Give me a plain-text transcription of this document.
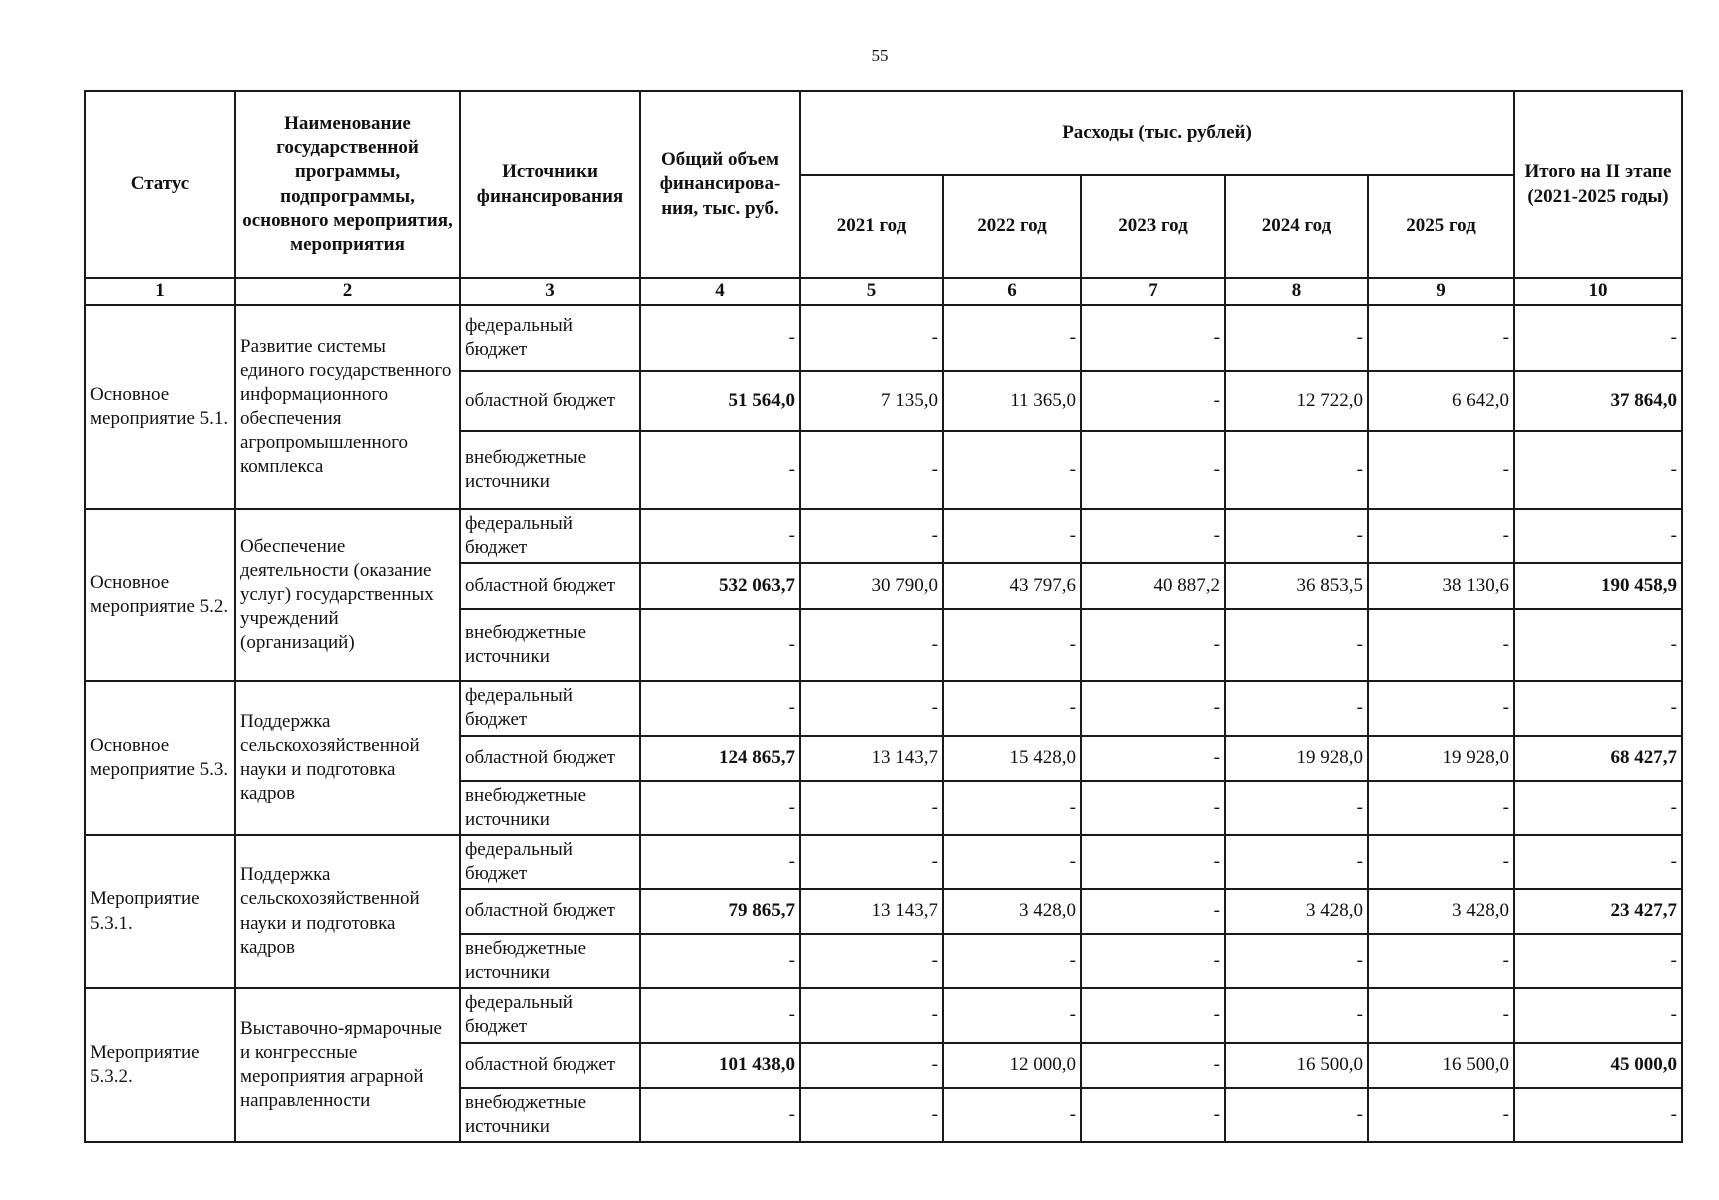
55
Статус	Наименование государственной программы, подпрограммы, основного мероприятия, мероприятия	Источники финансирования	Общий объем финансирова-ния, тыс. руб.	Расходы (тыс. рублей)					Итого на II этапе (2021-2025 годы)
				2021 год	2022 год	2023 год	2024 год	2025 год	
1	2	3	4	5	6	7	8	9	10
Основное мероприятие 5.1.	Развитие системы единого государственного информационного обеспечения агропромышленного комплекса	федеральный бюджет	-	-	-	-	-	-	-
		областной бюджет	51 564,0	7 135,0	11 365,0	-	12 722,0	6 642,0	37 864,0
		внебюджетные источники	-	-	-	-	-	-	-
Основное мероприятие 5.2.	Обеспечение деятельности (оказание услуг) государственных учреждений (организаций)	федеральный бюджет	-	-	-	-	-	-	-
		областной бюджет	532 063,7	30 790,0	43 797,6	40 887,2	36 853,5	38 130,6	190 458,9
		внебюджетные источники	-	-	-	-	-	-	-
Основное мероприятие 5.3.	Поддержка сельскохозяйственной науки и подготовка кадров	федеральный бюджет	-	-	-	-	-	-	-
		областной бюджет	124 865,7	13 143,7	15 428,0	-	19 928,0	19 928,0	68 427,7
		внебюджетные источники	-	-	-	-	-	-	-
Мероприятие 5.3.1.	Поддержка сельскохозяйственной науки и подготовка кадров	федеральный бюджет	-	-	-	-	-	-	-
		областной бюджет	79 865,7	13 143,7	3 428,0	-	3 428,0	3 428,0	23 427,7
		внебюджетные источники	-	-	-	-	-	-	-
Мероприятие 5.3.2.	Выставочно-ярмарочные и конгрессные мероприятия аграрной направленности	федеральный бюджет	-	-	-	-	-	-	-
		областной бюджет	101 438,0	-	12 000,0	-	16 500,0	16 500,0	45 000,0
		внебюджетные источники	-	-	-	-	-	-	-
